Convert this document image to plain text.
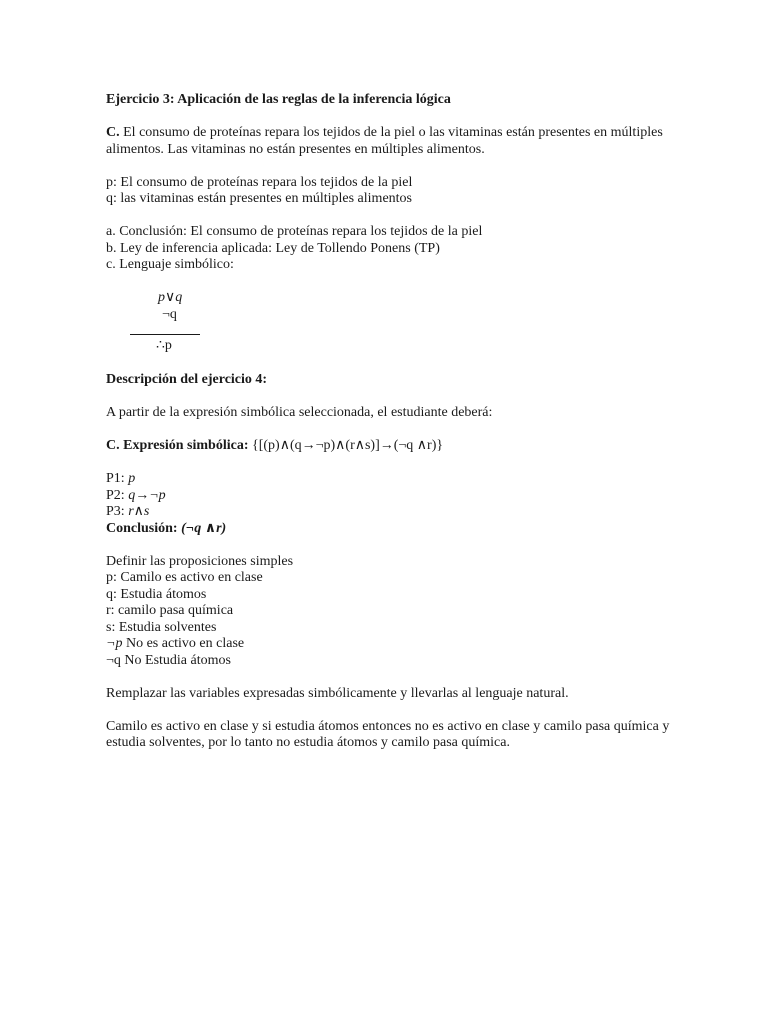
Ejercicio 3: Aplicación de las reglas de la inferencia lógica

C. El consumo de proteínas repara los tejidos de la piel o las vitaminas están presentes en múltiples alimentos. Las vitaminas no están presentes en múltiples alimentos.

p: El consumo de proteínas repara los tejidos de la piel

q: las vitaminas están presentes en múltiples alimentos

a. Conclusión: El consumo de proteínas repara los tejidos de la piel

b. Ley de inferencia aplicada: Ley de Tollendo Ponens (TP)

c. Lenguaje simbólico:

p∨q
¬q
∴p

Descripción del ejercicio 4:

A partir de la expresión simbólica seleccionada, el estudiante deberá:

C. Expresión simbólica: {[(p)∧(q→¬p)∧(r∧s)]→(¬q ∧r)}

P1: p

P2: q→¬p

P3: r∧s

Conclusión: (¬q ∧r)

Definir las proposiciones simples

p: Camilo es activo en clase

q: Estudia átomos

r: camilo pasa química

s: Estudia solventes

¬p No es activo en clase

¬q No Estudia átomos

Remplazar las variables expresadas simbólicamente y llevarlas al lenguaje natural.

Camilo es activo en clase y si estudia átomos entonces no es activo en clase y camilo pasa química y estudia solventes, por lo tanto no estudia átomos y camilo pasa química.
